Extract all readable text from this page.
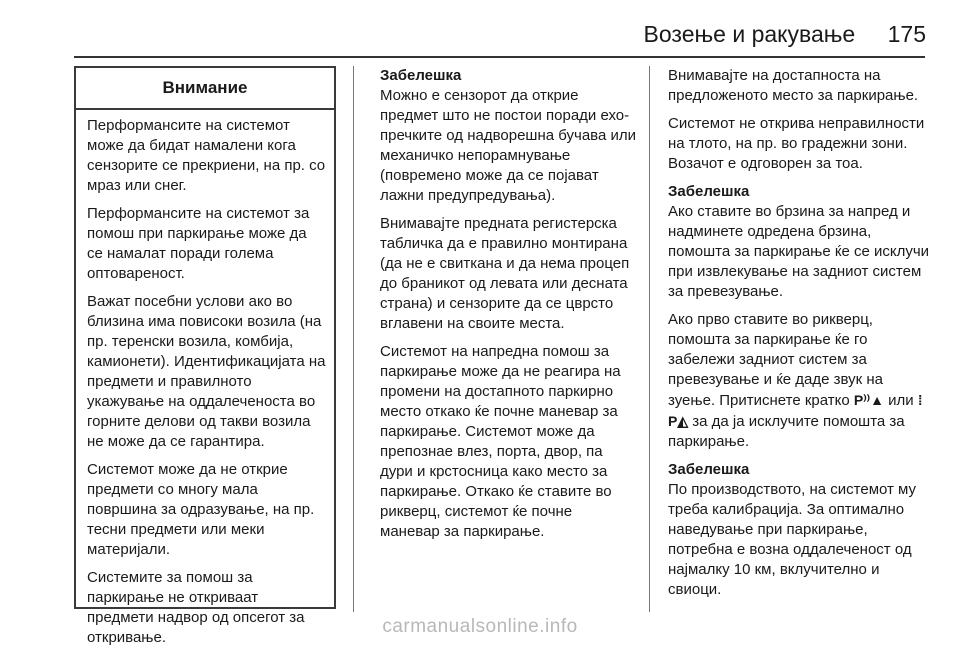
Возење и ракување 175
Внимание

Перформансите на системот може да бидат намалени кога сензорите се прекриени, на пр. со мраз или снег.

Перформансите на системот за помош при паркирање може да се намалат поради голема оптовареност.

Важат посебни услови ако во близина има повисоки возила (на пр. теренски возила, комбија, камионети). Идентификацијата на предмети и правилното укажување на оддалеченоста во горните делови од такви возила не може да се гарантира.

Системот може да не открие предмети со многу мала површина за одразување, на пр. тесни предмети или меки материјали.

Системите за помош за паркирање не откриваат предмети надвор од опсегот за откривање.

Забелешка
Можно е сензорот да открие предмет што не постои поради ехо-пречките од надворешна бучава или механичко непорамнување (повремено може да се појават лажни предупредувања).

Внимавајте предната регистерска табличка да е правилно монтирана (да не е свиткана и да нема процеп до браникот од левата или десната страна) и сензорите да се цврсто вглавени на своите места.

Системот на напредна помош за паркирање може да не реагира на промени на достапното паркирно место откако ќе почне маневар за паркирање. Системот може да препознае влез, порта, двор, па дури и крстосница како место за паркирање. Откако ќе ставите во рикверц, системот ќе почне маневар за паркирање.

Внимавајте на достапноста на предложеното место за паркирање.

Системот не открива неправилности на тлото, на пр. во градежни зони. Возачот е одговорен за тоа.

Забелешка
Ако ставите во брзина за напред и надминете одредена брзина, помошта за паркирање ќе се исклучи при извлекување на задниот систем за превезување.

Ако прво ставите во рикверц, помошта за паркирање ќе го забележи задниот систем за превезување и ќе даде звук на зуење. Притиснете кратко P⁾⁾▲ или ⁞P◭ за да ја исклучите помошта за паркирање.

Забелешка
По производството, на системот му треба калибрација. За оптимално наведување при паркирање, потребна е возна оддалеченост од најмалку 10 км, вклучително и свиоци.

carmanualsonline.info
